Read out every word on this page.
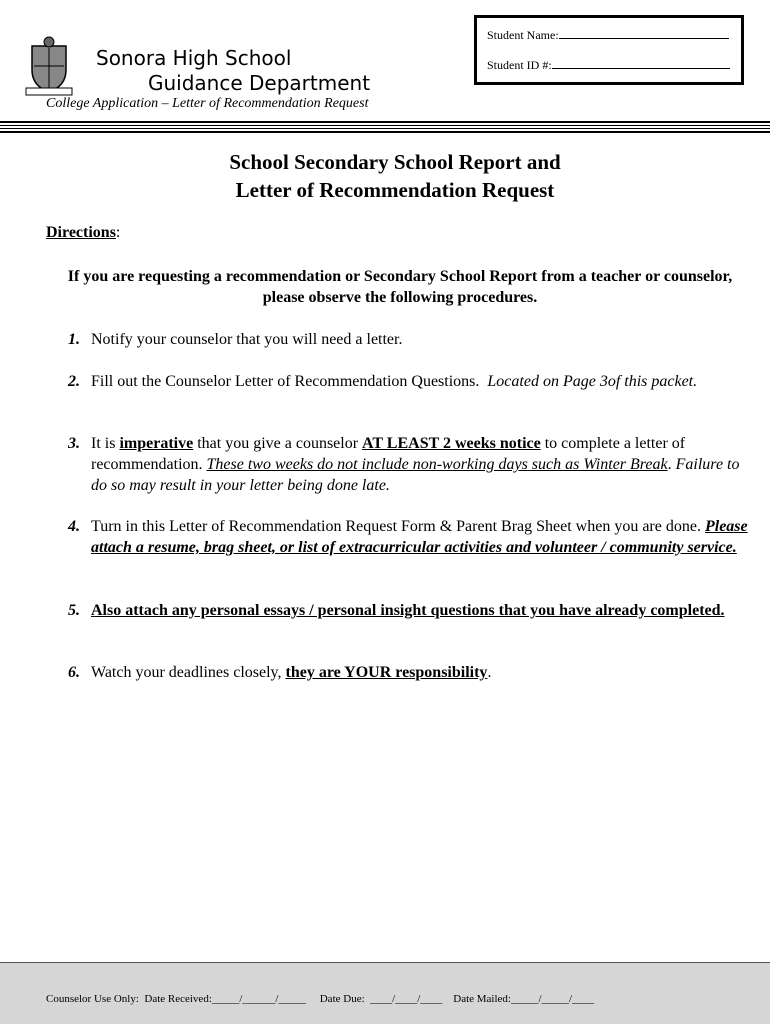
Sonora High School
Guidance Department
College Application – Letter of Recommendation Request
Student Name:
Student ID #:
School Secondary School Report and
Letter of Recommendation Request
Directions:
If you are requesting a recommendation or Secondary School Report from a teacher or counselor, please observe the following procedures.
1. Notify your counselor that you will need a letter.
2. Fill out the Counselor Letter of Recommendation Questions. Located on Page 3of this packet.
3. It is imperative that you give a counselor AT LEAST 2 weeks notice to complete a letter of recommendation. These two weeks do not include non-working days such as Winter Break. Failure to do so may result in your letter being done late.
4. Turn in this Letter of Recommendation Request Form & Parent Brag Sheet when you are done. Please attach a resume, brag sheet, or list of extracurricular activities and volunteer / community service.
5. Also attach any personal essays / personal insight questions that you have already completed.
6. Watch your deadlines closely, they are YOUR responsibility.
Counselor Use Only:  Date Received:_____/______/_____     Date Due:  ____/____/____    Date Mailed:_____/_____/____
